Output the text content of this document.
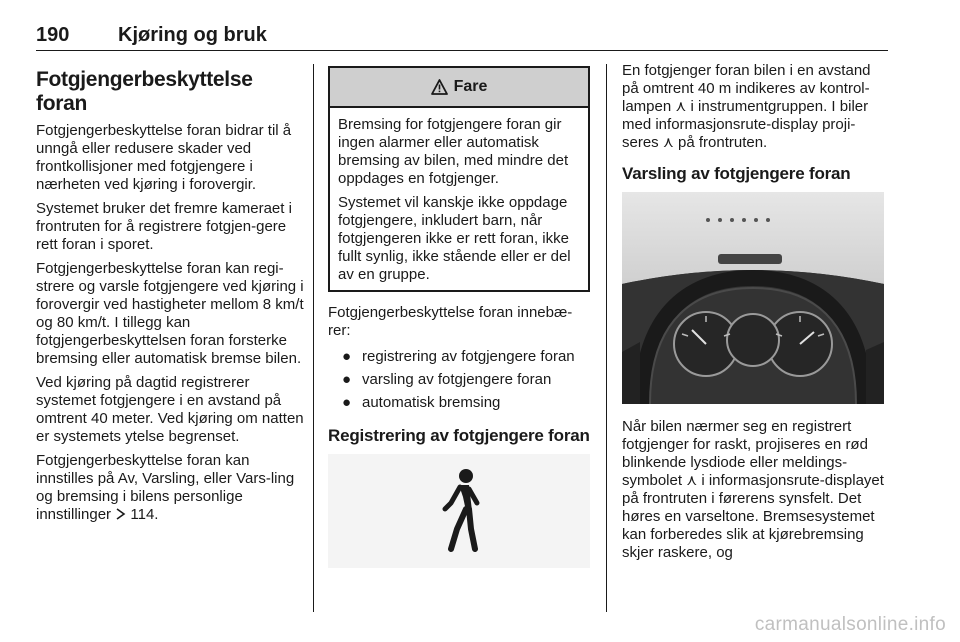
190 Kjøring og bruk
Fotgjengerbeskyttelse foran

Fotgjengerbeskyttelse foran bidrar til å unngå eller redusere skader ved frontkollisjoner med fotgjengere i nærheten ved kjøring i forovergir.

Systemet bruker det fremre kameraet i frontruten for å registrere fotgjen-gere rett foran i sporet.

Fotgjengerbeskyttelse foran kan regi-strere og varsle fotgjengere ved kjøring i forovergir ved hastigheter mellom 8 km/t og 80 km/t. I tillegg kan fotgjengerbeskyttelsen foran forsterke bremsing eller automatisk bremse bilen.

Ved kjøring på dagtid registrerer systemet fotgjengere i en avstand på omtrent 40 meter. Ved kjøring om natten er systemets ytelse begrenset.

Fotgjengerbeskyttelse foran kan innstilles på Av, Varsling, eller Vars-ling og bremsing i bilens personlige innstillinger 114.

Fare

Bremsing for fotgjengere foran gir ingen alarmer eller automatisk bremsing av bilen, med mindre det oppdages en fotgjenger.

Systemet vil kanskje ikke oppdage fotgjengere, inkludert barn, når fotgjengeren ikke er rett foran, ikke fullt synlig, ikke stående eller er del av en gruppe.

Fotgjengerbeskyttelse foran innebæ-rer:

● registrering av fotgjengere foran
● varsling av fotgjengere foran
● automatisk bremsing
Registrering av fotgjengere foran

En fotgjenger foran bilen i en avstand på omtrent 40 m indikeres av kontrol-lampen ⋏ i instrumentgruppen. I biler med informasjonsrute-display proji-seres ⋏ på frontruten.

Varsling av fotgjengere foran

Når bilen nærmer seg en registrert fotgjenger for raskt, projiseres en rød blinkende lysdiode eller meldings-symbolet ⋏ i informasjonsrute-displayet på frontruten i førerens synsfelt. Det høres en varseltone. Bremsesystemet kan forberedes slik at kjørebremsing skjer raskere, og

carmanualsonline.info
